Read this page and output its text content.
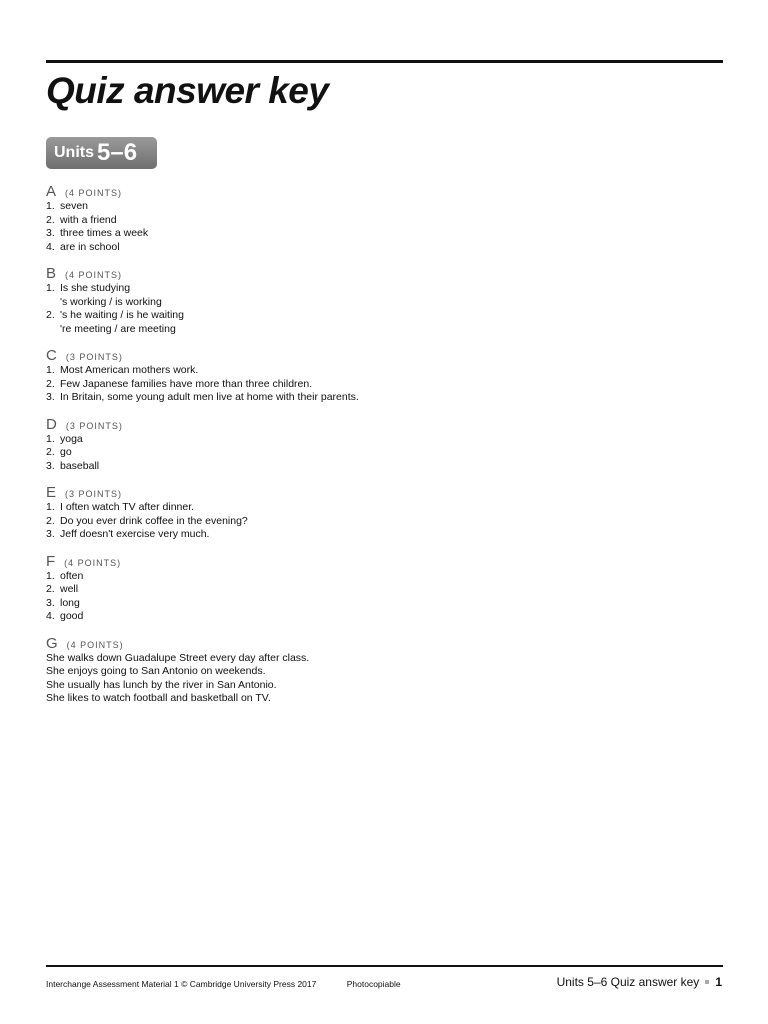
Quiz answer key
Units 5–6
A (4 POINTS)
1. seven
2. with a friend
3. three times a week
4. are in school
B (4 POINTS)
1. Is she studying
's working / is working
2. 's he waiting / is he waiting
're meeting / are meeting
C (3 POINTS)
1. Most American mothers work.
2. Few Japanese families have more than three children.
3. In Britain, some young adult men live at home with their parents.
D (3 POINTS)
1. yoga
2. go
3. baseball
E (3 POINTS)
1. I often watch TV after dinner.
2. Do you ever drink coffee in the evening?
3. Jeff doesn't exercise very much.
F (4 POINTS)
1. often
2. well
3. long
4. good
G (4 POINTS)
She walks down Guadalupe Street every day after class.
She enjoys going to San Antonio on weekends.
She usually has lunch by the river in San Antonio.
She likes to watch football and basketball on TV.
Interchange Assessment Material 1 © Cambridge University Press 2017	Photocopiable	Units 5–6 Quiz answer key 1
